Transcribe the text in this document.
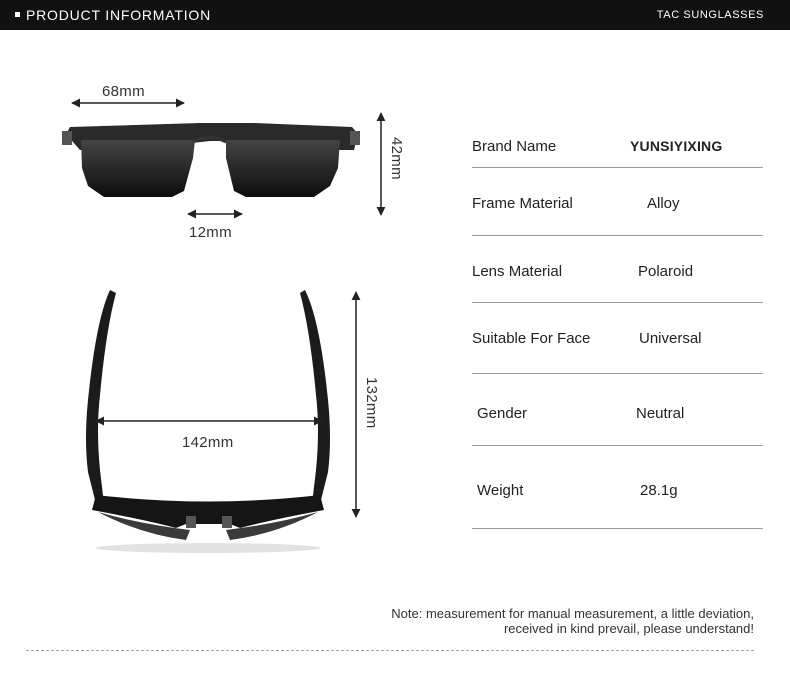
PRODUCT INFORMATION	TAC SUNGLASSES
68mm
12mm
42mm
142mm
132mm
Brand Name	YUNSIYIXING
Frame Material	Alloy
Lens Material	Polaroid
Suitable For Face	Universal
Gender	Neutral
Weight	28.1g
Note: measurement for manual measurement, a little deviation,
received in kind prevail, please understand!
